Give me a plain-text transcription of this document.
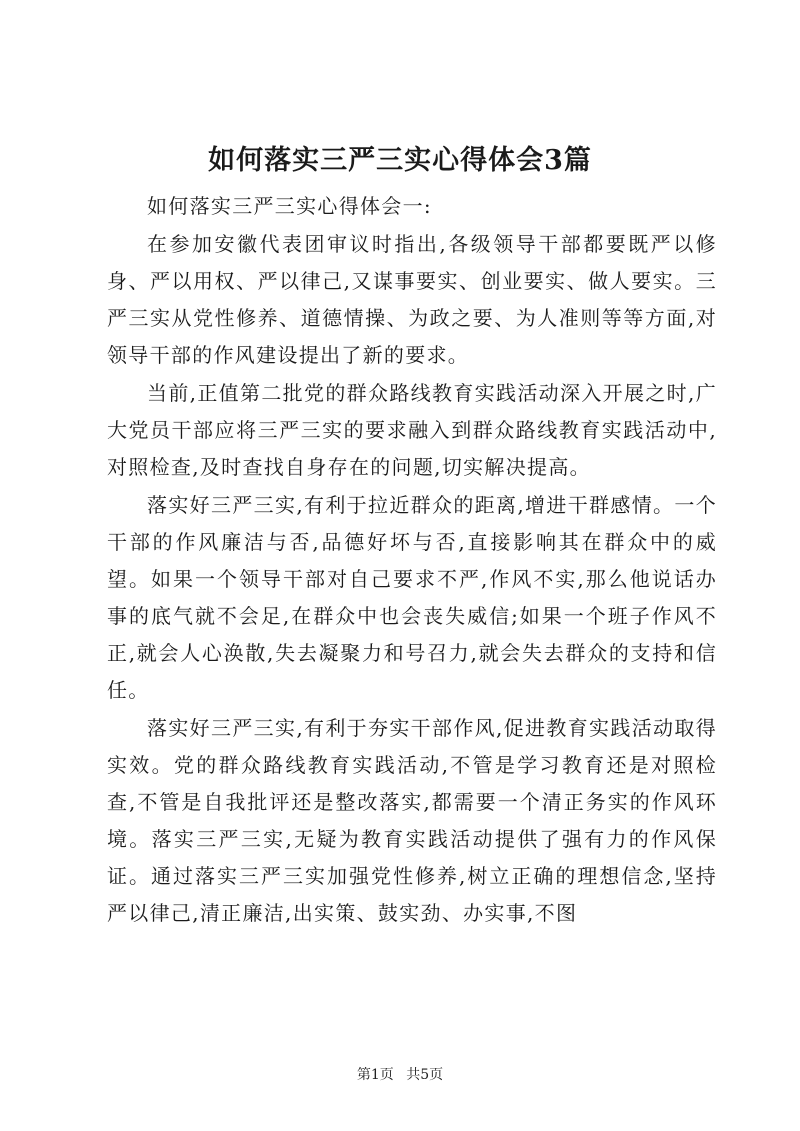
如何落实三严三实心得体会3篇

如何落实三严三实心得体会一:

在参加安徽代表团审议时指出,各级领导干部都要既严以修身、严以用权、严以律己,又谋事要实、创业要实、做人要实。三严三实从党性修养、道德情操、为政之要、为人准则等等方面,对领导干部的作风建设提出了新的要求。

当前,正值第二批党的群众路线教育实践活动深入开展之时,广大党员干部应将三严三实的要求融入到群众路线教育实践活动中,对照检查,及时查找自身存在的问题,切实解决提高。

落实好三严三实,有利于拉近群众的距离,增进干群感情。一个干部的作风廉洁与否,品德好坏与否,直接影响其在群众中的威望。如果一个领导干部对自己要求不严,作风不实,那么他说话办事的底气就不会足,在群众中也会丧失威信;如果一个班子作风不正,就会人心涣散,失去凝聚力和号召力,就会失去群众的支持和信任。

落实好三严三实,有利于夯实干部作风,促进教育实践活动取得实效。党的群众路线教育实践活动,不管是学习教育还是对照检查,不管是自我批评还是整改落实,都需要一个清正务实的作风环境。落实三严三实,无疑为教育实践活动提供了强有力的作风保证。通过落实三严三实加强党性修养,树立正确的理想信念,坚持严以律己,清正廉洁,出实策、鼓实劲、办实事,不图

第1页 共5页
